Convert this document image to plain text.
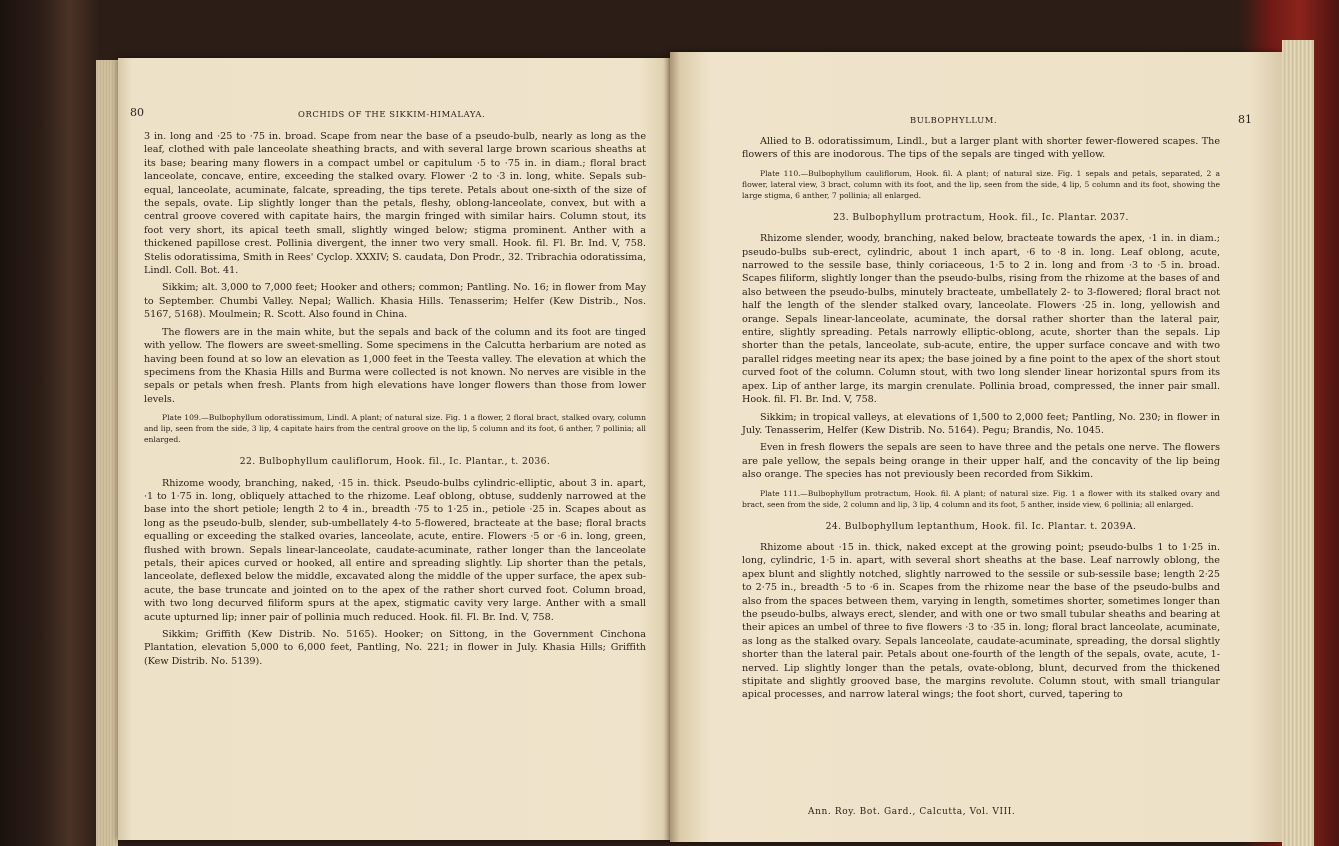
80	ORCHIDS OF THE SIKKIM-HIMALAYA.

3 in. long and ·25 to ·75 in. broad. Scape from near the base of a pseudo-bulb, nearly as long as the leaf, clothed with pale lanceolate sheathing bracts, and with several large brown scarious sheaths at its base; bearing many flowers in a compact umbel or capitulum ·5 to ·75 in. in diam.; floral bract lanceolate, concave, entire, exceeding the stalked ovary. Flower ·2 to ·3 in. long, white. Sepals sub-equal, lanceolate, acuminate, falcate, spreading, the tips terete. Petals about one-sixth of the size of the sepals, ovate. Lip slightly longer than the petals, fleshy, oblong-lanceolate, convex, but with a central groove covered with capitate hairs, the margin fringed with similar hairs. Column stout, its foot very short, its apical teeth small, slightly winged below; stigma prominent. Anther with a thickened papillose crest. Pollinia divergent, the inner two very small. Hook. fil. Fl. Br. Ind. V, 758. Stelis odoratissima, Smith in Rees' Cyclop. XXXIV; S. caudata, Don Prodr., 32. Tribrachia odoratissima, Lindl. Coll. Bot. 41.

Sikkim; alt. 3,000 to 7,000 feet; Hooker and others; common; Pantling. No. 16; in flower from May to September. Chumbi Valley. Nepal; Wallich. Khasia Hills. Tenasserim; Helfer (Kew Distrib., Nos. 5167, 5168). Moulmein; R. Scott. Also found in China.

The flowers are in the main white, but the sepals and back of the column and its foot are tinged with yellow. The flowers are sweet-smelling. Some specimens in the Calcutta herbarium are noted as having been found at so low an elevation as 1,000 feet in the Teesta valley. The elevation at which the specimens from the Khasia Hills and Burma were collected is not known. No nerves are visible in the sepals or petals when fresh. Plants from high elevations have longer flowers than those from lower levels.

Plate 109.—Bulbophyllum odoratissimum, Lindl. A plant; of natural size. Fig. 1 a flower, 2 floral bract, stalked ovary, column and lip, seen from the side, 3 lip, 4 capitate hairs from the central groove on the lip, 5 column and its foot, 6 anther, 7 pollinia; all enlarged.
22. Bulbophyllum cauliflorum, Hook. fil., Ic. Plantar., t. 2036.

Rhizome woody, branching, naked, ·15 in. thick. Pseudo-bulbs cylindric-elliptic, about 3 in. apart, ·1 to 1·75 in. long, obliquely attached to the rhizome. Leaf oblong, obtuse, suddenly narrowed at the base into the short petiole; length 2 to 4 in., breadth ·75 to 1·25 in., petiole ·25 in. Scapes about as long as the pseudo-bulb, slender, sub-umbellately 4-to 5-flowered, bracteate at the base; floral bracts equalling or exceeding the stalked ovaries, lanceolate, acute, entire. Flowers ·5 or ·6 in. long, green, flushed with brown. Sepals linear-lanceolate, caudate-acuminate, rather longer than the lanceolate petals, their apices curved or hooked, all entire and spreading slightly. Lip shorter than the petals, lanceolate, deflexed below the middle, excavated along the middle of the upper surface, the apex sub-acute, the base truncate and jointed on to the apex of the rather short curved foot. Column broad, with two long decurved filiform spurs at the apex, stigmatic cavity very large. Anther with a small acute upturned lip; inner pair of pollinia much reduced. Hook. fil. Fl. Br. Ind. V, 758.

Sikkim; Griffith (Kew Distrib. No. 5165). Hooker; on Sittong, in the Government Cinchona Plantation, elevation 5,000 to 6,000 feet, Pantling, No. 221; in flower in July. Khasia Hills; Griffith (Kew Distrib. No. 5139).

BULBOPHYLLUM.	81

Allied to B. odoratissimum, Lindl., but a larger plant with shorter fewer-flowered scapes. The flowers of this are inodorous. The tips of the sepals are tinged with yellow.

Plate 110.—Bulbophyllum cauliflorum, Hook. fil. A plant; of natural size. Fig. 1 sepals and petals, separated, 2 a flower, lateral view, 3 bract, column with its foot, and the lip, seen from the side, 4 lip, 5 column and its foot, showing the large stigma, 6 anther, 7 pollinia; all enlarged.
23. Bulbophyllum protractum, Hook. fil., Ic. Plantar. 2037.

Rhizome slender, woody, branching, naked below, bracteate towards the apex, ·1 in. in diam.; pseudo-bulbs sub-erect, cylindric, about 1 inch apart, ·6 to ·8 in. long. Leaf oblong, acute, narrowed to the sessile base, thinly coriaceous, 1·5 to 2 in. long and from ·3 to ·5 in. broad. Scapes filiform, slightly longer than the pseudo-bulbs, rising from the rhizome at the bases of and also between the pseudo-bulbs, minutely bracteate, umbellately 2- to 3-flowered; floral bract not half the length of the slender stalked ovary, lanceolate. Flowers ·25 in. long, yellowish and orange. Sepals linear-lanceolate, acuminate, the dorsal rather shorter than the lateral pair, entire, slightly spreading. Petals narrowly elliptic-oblong, acute, shorter than the sepals. Lip shorter than the petals, lanceolate, sub-acute, entire, the upper surface concave and with two parallel ridges meeting near its apex; the base joined by a fine point to the apex of the short stout curved foot of the column. Column stout, with two long slender linear horizontal spurs from its apex. Lip of anther large, its margin crenulate. Pollinia broad, compressed, the inner pair small. Hook. fil. Fl. Br. Ind. V, 758.

Sikkim; in tropical valleys, at elevations of 1,500 to 2,000 feet; Pantling, No. 230; in flower in July. Tenasserim, Helfer (Kew Distrib. No. 5164). Pegu; Brandis, No. 1045.

Even in fresh flowers the sepals are seen to have three and the petals one nerve. The flowers are pale yellow, the sepals being orange in their upper half, and the concavity of the lip being also orange. The species has not previously been recorded from Sikkim.

Plate 111.—Bulbophyllum protractum, Hook. fil. A plant; of natural size. Fig. 1 a flower with its stalked ovary and bract, seen from the side, 2 column and lip, 3 lip, 4 column and its foot, 5 anther, inside view, 6 pollinia; all enlarged.
24. Bulbophyllum leptanthum, Hook. fil. Ic. Plantar. t. 2039A.

Rhizome about ·15 in. thick, naked except at the growing point; pseudo-bulbs 1 to 1·25 in. long, cylindric, 1·5 in. apart, with several short sheaths at the base. Leaf narrowly oblong, the apex blunt and slightly notched, slightly narrowed to the sessile or sub-sessile base; length 2·25 to 2·75 in., breadth ·5 to ·6 in. Scapes from the rhizome near the base of the pseudo-bulbs and also from the spaces between them, varying in length, sometimes shorter, sometimes longer than the pseudo-bulbs, always erect, slender, and with one or two small tubular sheaths and bearing at their apices an umbel of three to five flowers ·3 to ·35 in. long; floral bract lanceolate, acuminate, as long as the stalked ovary. Sepals lanceolate, caudate-acuminate, spreading, the dorsal slightly shorter than the lateral pair. Petals about one-fourth of the length of the sepals, ovate, acute, 1-nerved. Lip slightly longer than the petals, ovate-oblong, blunt, decurved from the thickened stipitate and slightly grooved base, the margins revolute. Column stout, with small triangular apical processes, and narrow lateral wings; the foot short, curved, tapering to

Ann. Roy. Bot. Gard., Calcutta, Vol. VIII.
